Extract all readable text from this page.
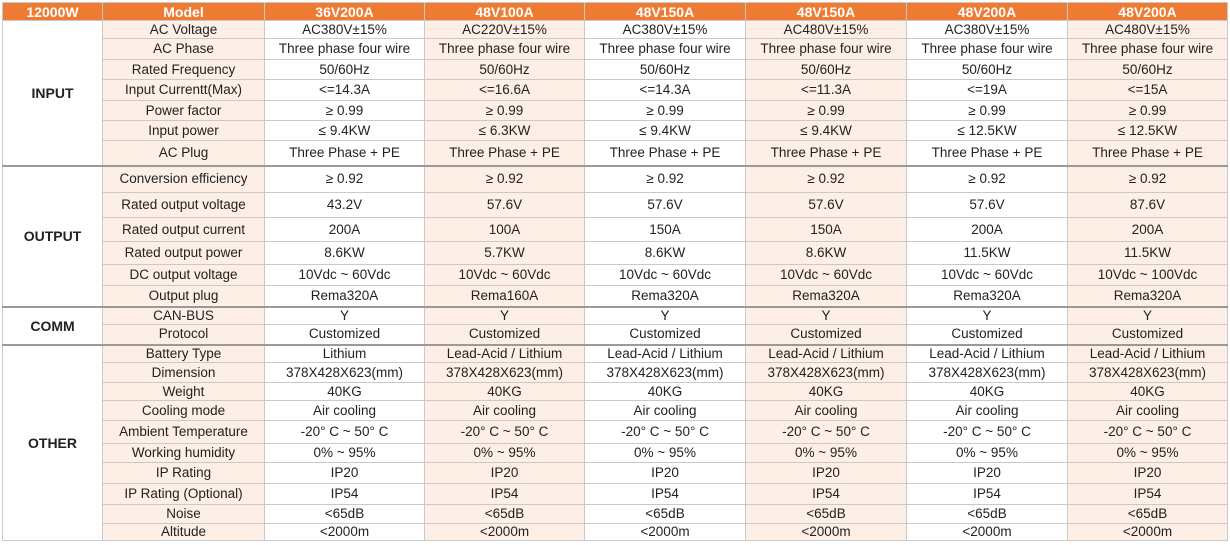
12000W	Model	36V200A	48V100A	48V150A	48V150A	48V200A	48V200A
INPUT	AC Voltage	AC380V±15%	AC220V±15%	AC380V±15%	AC480V±15%	AC380V±15%	AC480V±15%
	AC Phase	Three phase four wire	Three phase four wire	Three phase four wire	Three phase four wire	Three phase four wire	Three phase four wire
	Rated Frequency	50/60Hz	50/60Hz	50/60Hz	50/60Hz	50/60Hz	50/60Hz
	Input Currentt(Max)	<=14.3A	<=16.6A	<=14.3A	<=11.3A	<=19A	<=15A
	Power factor	≥ 0.99	≥ 0.99	≥ 0.99	≥ 0.99	≥ 0.99	≥ 0.99
	Input power	≤ 9.4KW	≤ 6.3KW	≤ 9.4KW	≤ 9.4KW	≤ 12.5KW	≤ 12.5KW
	AC Plug	Three Phase + PE	Three Phase + PE	Three Phase + PE	Three Phase + PE	Three Phase + PE	Three Phase + PE
OUTPUT	Conversion efficiency	≥ 0.92	≥ 0.92	≥ 0.92	≥ 0.92	≥ 0.92	≥ 0.92
	Rated output voltage	43.2V	57.6V	57.6V	57.6V	57.6V	87.6V
	Rated output current	200A	100A	150A	150A	200A	200A
	Rated output power	8.6KW	5.7KW	8.6KW	8.6KW	11.5KW	11.5KW
	DC output voltage	10Vdc ~ 60Vdc	10Vdc ~ 60Vdc	10Vdc ~ 60Vdc	10Vdc ~ 60Vdc	10Vdc ~ 60Vdc	10Vdc ~ 100Vdc
	Output plug	Rema320A	Rema160A	Rema320A	Rema320A	Rema320A	Rema320A
COMM	CAN-BUS	Y	Y	Y	Y	Y	Y
	Protocol	Customized	Customized	Customized	Customized	Customized	Customized
OTHER	Battery Type	Lithium	Lead-Acid / Lithium	Lead-Acid / Lithium	Lead-Acid / Lithium	Lead-Acid / Lithium	Lead-Acid / Lithium
	Dimension	378X428X623(mm)	378X428X623(mm)	378X428X623(mm)	378X428X623(mm)	378X428X623(mm)	378X428X623(mm)
	Weight	40KG	40KG	40KG	40KG	40KG	40KG
	Cooling mode	Air cooling	Air cooling	Air cooling	Air cooling	Air cooling	Air cooling
	Ambient Temperature	-20° C ~ 50° C	-20° C ~ 50° C	-20° C ~ 50° C	-20° C ~ 50° C	-20° C ~ 50° C	-20° C ~ 50° C
	Working humidity	0% ~ 95%	0% ~ 95%	0% ~ 95%	0% ~ 95%	0% ~ 95%	0% ~ 95%
	IP Rating	IP20	IP20	IP20	IP20	IP20	IP20
	IP Rating (Optional)	IP54	IP54	IP54	IP54	IP54	IP54
	Noise	<65dB	<65dB	<65dB	<65dB	<65dB	<65dB
	Altitude	<2000m	<2000m	<2000m	<2000m	<2000m	<2000m
